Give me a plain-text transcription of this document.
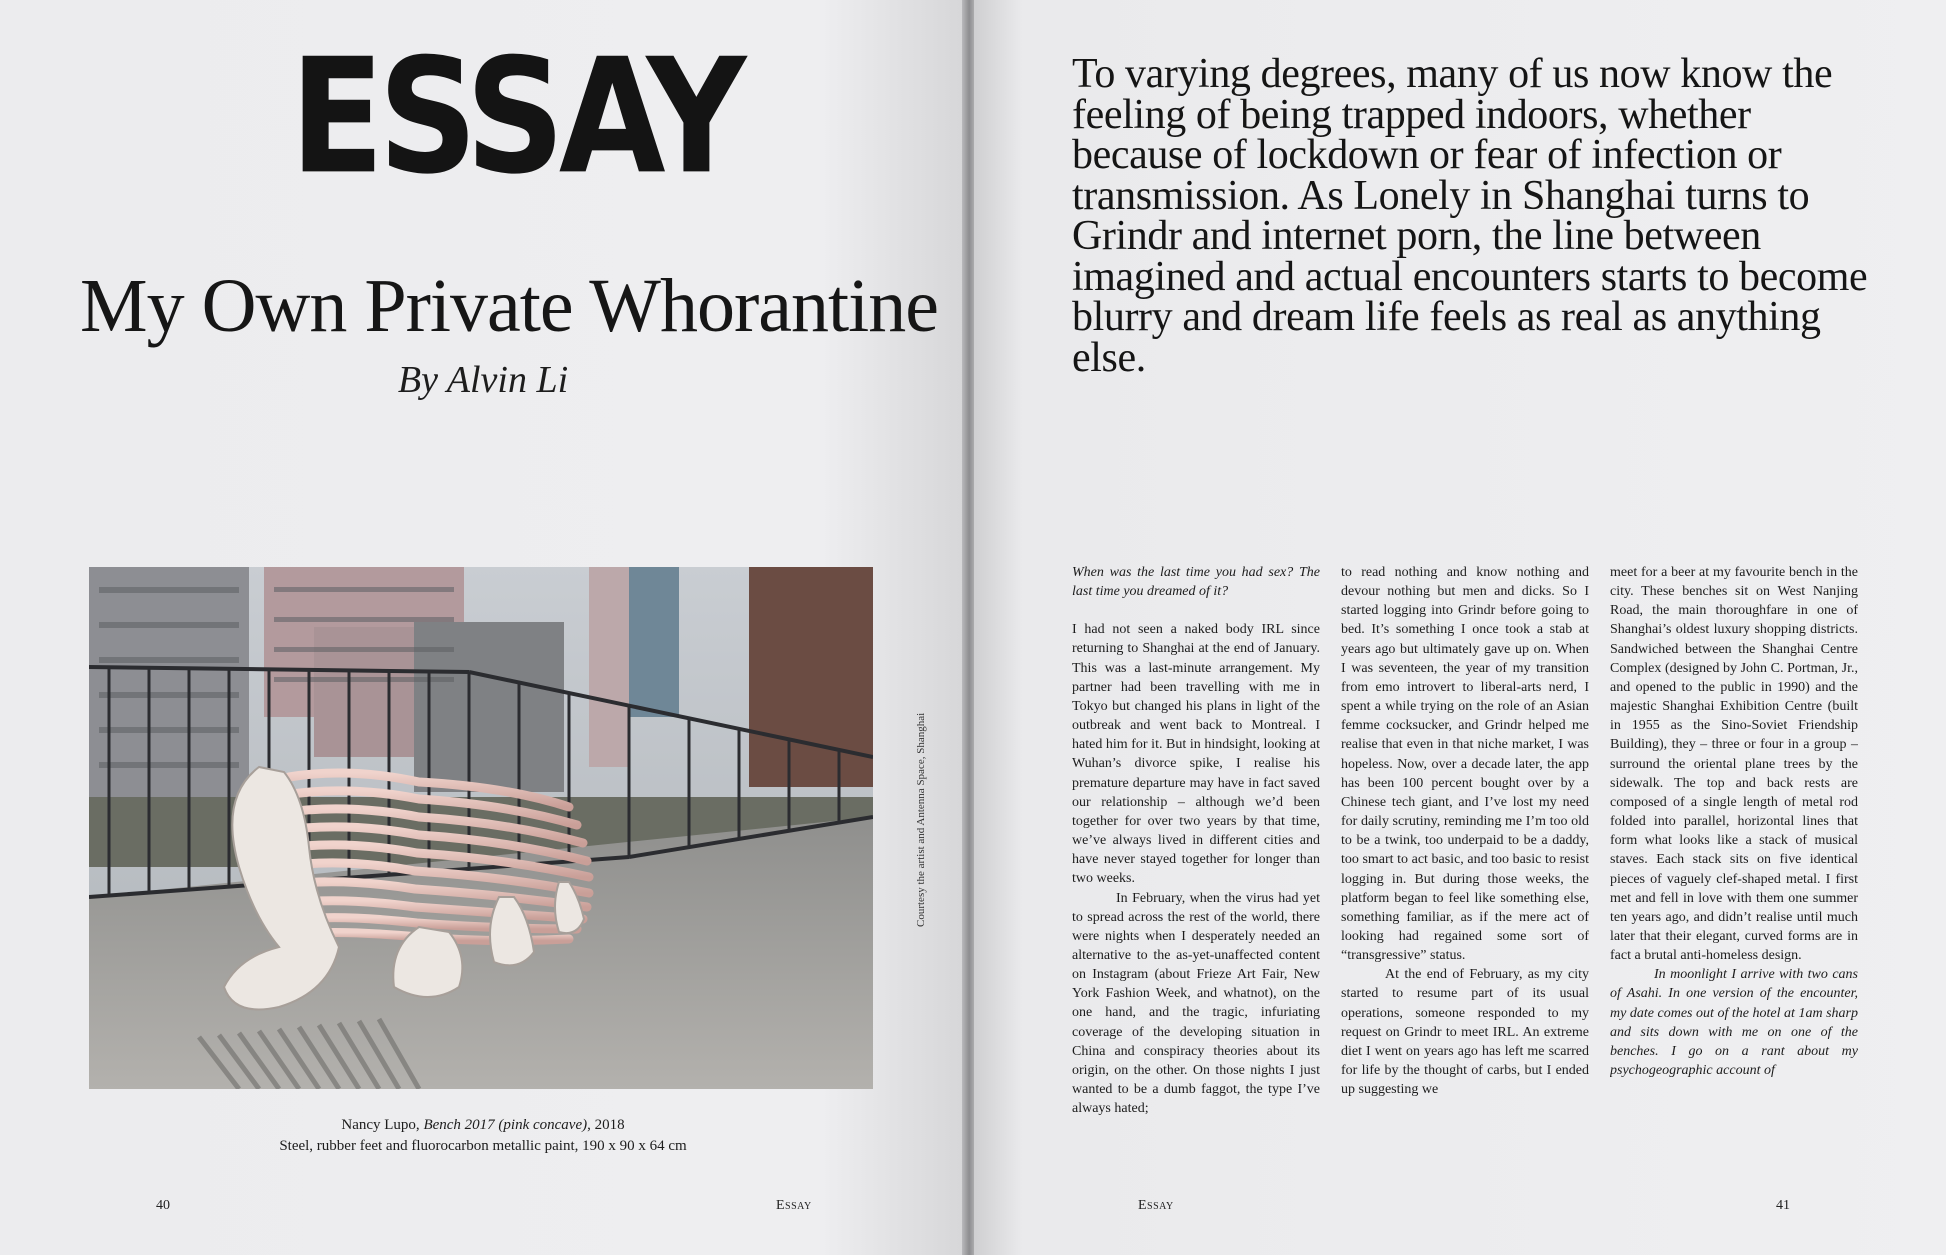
ESSAY
My Own Private Whorantine
By Alvin Li
Courtesy the artist and Antenna Space, Shanghai
Nancy Lupo, Bench 2017 (pink concave), 2018
Steel, rubber feet and fluorocarbon metallic paint, 190 x 90 x 64 cm
40	Essay	Essay	41
To varying degrees, many of us now know the feeling of being trapped indoors, whether because of lockdown or fear of infection or transmission. As Lonely in Shanghai turns to Grindr and internet porn, the line between imagined and actual encounters starts to become blurry and dream life feels as real as anything else.

When was the last time you had sex? The last time you dreamed of it?

I had not seen a naked body IRL since returning to Shanghai at the end of January. This was a last-minute arrangement. My partner had been travelling with me in Tokyo but changed his plans in light of the outbreak and went back to Montreal. I hated him for it. But in hindsight, looking at Wuhan’s divorce spike, I realise his premature departure may have in fact saved our relationship – although we’d been together for over two years by that time, we’ve always lived in different cities and have never stayed together for longer than two weeks.

In February, when the virus had yet to spread across the rest of the world, there were nights when I desperately needed an alternative to the as-yet-unaffected content on Instagram (about Frieze Art Fair, New York Fashion Week, and whatnot), on the one hand, and the tragic, infuriating coverage of the developing situation in China and conspiracy theories about its origin, on the other. On those nights I just wanted to be a dumb faggot, the type I’ve always hated;

to read nothing and know nothing and devour nothing but men and dicks. So I started logging into Grindr before going to bed. It’s something I once took a stab at years ago but ultimately gave up on. When I was seventeen, the year of my transition from emo introvert to liberal-arts nerd, I spent a while trying on the role of an Asian femme cocksucker, and Grindr helped me realise that even in that niche market, I was hopeless. Now, over a decade later, the app has been 100 percent bought over by a Chinese tech giant, and I’ve lost my need for daily scrutiny, reminding me I’m too old to be a twink, too underpaid to be a daddy, too smart to act basic, and too basic to resist logging in. But during those weeks, the platform began to feel like something else, something familiar, as if the mere act of looking had regained some sort of “transgressive” status.

At the end of February, as my city started to resume part of its usual operations, someone responded to my request on Grindr to meet IRL. An extreme diet I went on years ago has left me scarred for life by the thought of carbs, but I ended up suggesting we

meet for a beer at my favourite bench in the city. These benches sit on West Nanjing Road, the main thoroughfare in one of Shanghai’s oldest luxury shopping districts. Sandwiched between the Shanghai Centre Complex (designed by John C. Portman, Jr., and opened to the public in 1990) and the majestic Shanghai Exhibition Centre (built in 1955 as the Sino-Soviet Friendship Building), they – three or four in a group – surround the oriental plane trees by the sidewalk. The top and back rests are composed of a single length of metal rod folded into parallel, horizontal lines that form what looks like a stack of musical staves. Each stack sits on five identical pieces of vaguely clef-shaped metal. I first met and fell in love with them one summer ten years ago, and didn’t realise until much later that their elegant, curved forms are in fact a brutal anti-homeless design.

In moonlight I arrive with two cans of Asahi. In one version of the encounter, my date comes out of the hotel at 1am sharp and sits down with me on one of the benches. I go on a rant about my psychogeographic account of
